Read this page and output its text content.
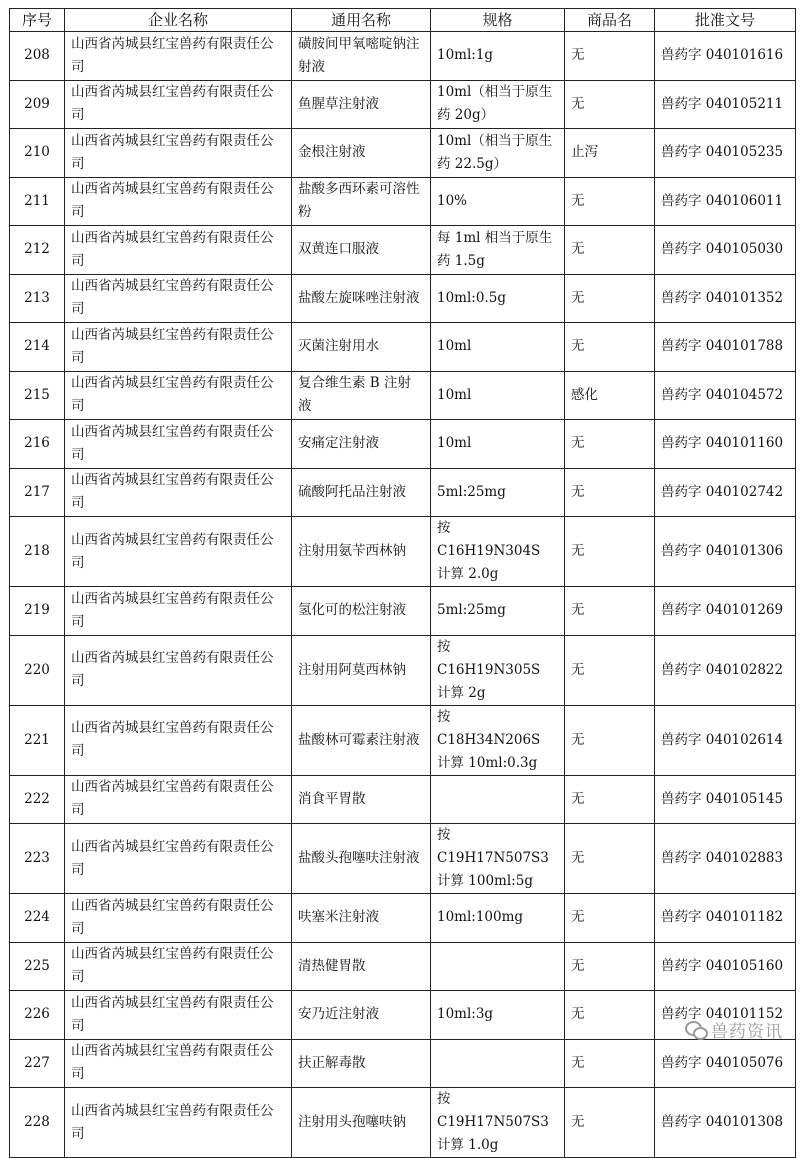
序号	企业名称	通用名称	规格	商品名	批准文号
208	山西省芮城县红宝兽药有限责任公司	磺胺间甲氧嘧啶钠注射液	10ml:1g	无	兽药字 040101616
209	山西省芮城县红宝兽药有限责任公司	鱼腥草注射液	10ml（相当于原生药 20g）	无	兽药字 040105211
210	山西省芮城县红宝兽药有限责任公司	金根注射液	10ml（相当于原生药 22.5g）	止泻	兽药字 040105235
211	山西省芮城县红宝兽药有限责任公司	盐酸多西环素可溶性粉	10%	无	兽药字 040106011
212	山西省芮城县红宝兽药有限责任公司	双黄连口服液	每 1ml 相当于原生药 1.5g	无	兽药字 040105030
213	山西省芮城县红宝兽药有限责任公司	盐酸左旋咪唑注射液	10ml:0.5g	无	兽药字 040101352
214	山西省芮城县红宝兽药有限责任公司	灭菌注射用水	10ml	无	兽药字 040101788
215	山西省芮城县红宝兽药有限责任公司	复合维生素 B 注射液	10ml	感化	兽药字 040104572
216	山西省芮城县红宝兽药有限责任公司	安痛定注射液	10ml	无	兽药字 040101160
217	山西省芮城县红宝兽药有限责任公司	硫酸阿托品注射液	5ml:25mg	无	兽药字 040102742
218	山西省芮城县红宝兽药有限责任公司	注射用氨苄西林钠	按 C16H19N304S 计算 2.0g	无	兽药字 040101306
219	山西省芮城县红宝兽药有限责任公司	氢化可的松注射液	5ml:25mg	无	兽药字 040101269
220	山西省芮城县红宝兽药有限责任公司	注射用阿莫西林钠	按 C16H19N305S 计算 2g	无	兽药字 040102822
221	山西省芮城县红宝兽药有限责任公司	盐酸林可霉素注射液	按 C18H34N206S 计算 10ml:0.3g	无	兽药字 040102614
222	山西省芮城县红宝兽药有限责任公司	消食平胃散		无	兽药字 040105145
223	山西省芮城县红宝兽药有限责任公司	盐酸头孢噻呋注射液	按 C19H17N507S3 计算 100ml:5g	无	兽药字 040102883
224	山西省芮城县红宝兽药有限责任公司	呋塞米注射液	10ml:100mg	无	兽药字 040101182
225	山西省芮城县红宝兽药有限责任公司	清热健胃散		无	兽药字 040105160
226	山西省芮城县红宝兽药有限责任公司	安乃近注射液	10ml:3g	无	兽药字 040101152
227	山西省芮城县红宝兽药有限责任公司	扶正解毒散		无	兽药字 040105076
228	山西省芮城县红宝兽药有限责任公司	注射用头孢噻呋钠	按 C19H17N507S3 计算 1.0g	无	兽药字 040101308
兽药资讯
